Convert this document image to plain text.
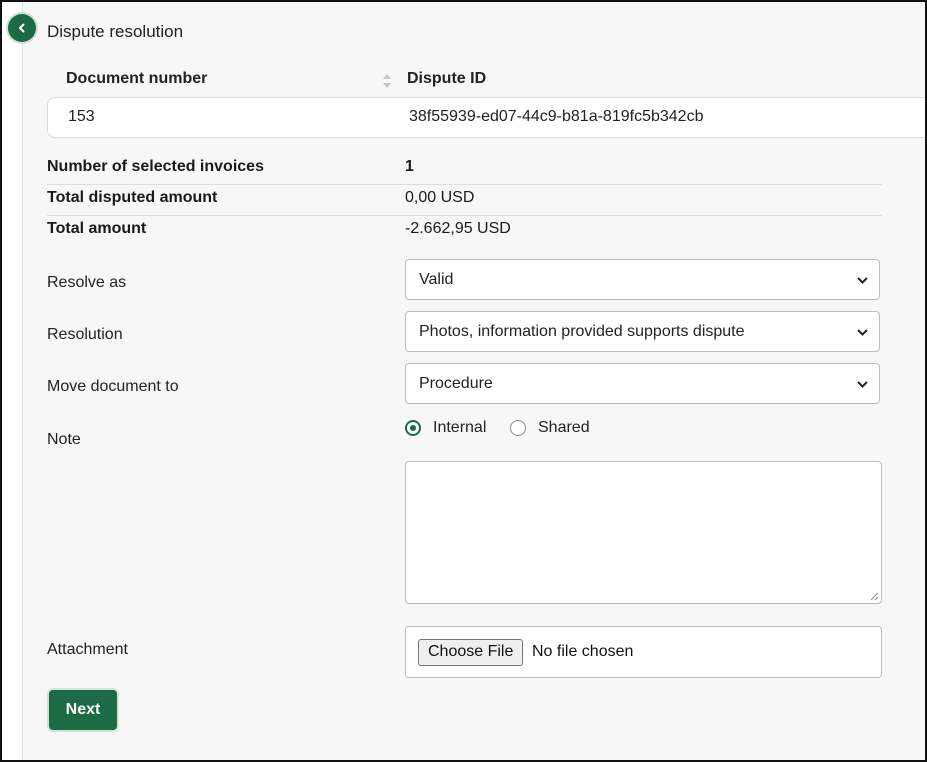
Dispute resolution
Document number	Dispute ID
153	38f55939-ed07-44c9-b81a-819fc5b342cb
Number of selected invoices	1
Total disputed amount	0,00 USD
Total amount	-2.662,95 USD
Resolve as	Valid
Resolution	Photos, information provided supports dispute
Move document to	Procedure
Note
Internal	Shared
Attachment	Choose File	No file chosen
Next
